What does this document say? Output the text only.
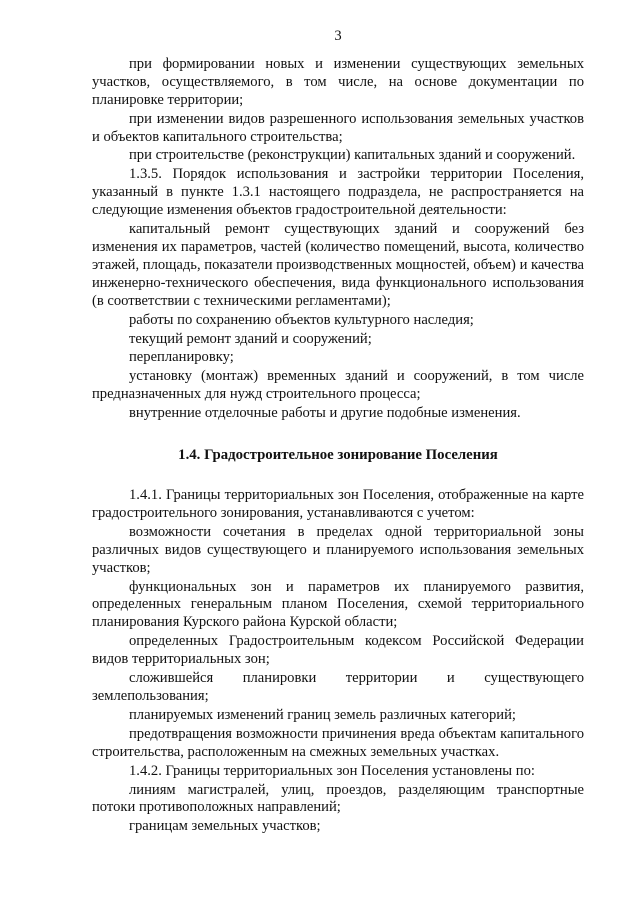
3

при формировании новых и изменении существующих земельных участков, осуществляемого, в том числе, на основе документации по планировке территории;

при изменении видов разрешенного использования земельных участков и объектов капитального строительства;

при строительстве (реконструкции) капитальных зданий и сооружений.

1.3.5. Порядок использования и застройки территории Поселения, указанный в пункте 1.3.1 настоящего подраздела, не распространяется на следующие изменения объектов градостроительной деятельности:

капитальный ремонт существующих зданий и сооружений без изменения их параметров, частей (количество помещений, высота, количество этажей, площадь, показатели производственных мощностей, объем) и качества инженерно-технического обеспечения, вида функционального использования (в соответствии с техническими регламентами);

работы по сохранению объектов культурного наследия;

текущий ремонт зданий и сооружений;

перепланировку;

установку (монтаж) временных зданий и сооружений, в том числе предназначенных для нужд строительного процесса;

внутренние отделочные работы и другие подобные изменения.

1.4. Градостроительное зонирование Поселения

1.4.1. Границы территориальных зон Поселения, отображенные на карте градостроительного зонирования, устанавливаются с учетом:

возможности сочетания в пределах одной территориальной зоны различных видов существующего и планируемого использования земельных участков;

функциональных зон и параметров их планируемого развития, определенных генеральным планом Поселения, схемой территориального планирования Курского района Курской области;

определенных Градостроительным кодексом Российской Федерации видов территориальных зон;

сложившейся планировки территории и существующего землепользования;

планируемых изменений границ земель различных категорий;

предотвращения возможности причинения вреда объектам капитального строительства, расположенным на смежных земельных участках.

1.4.2. Границы территориальных зон Поселения установлены по:

линиям магистралей, улиц, проездов, разделяющим транспортные потоки противоположных направлений;

границам земельных участков;
